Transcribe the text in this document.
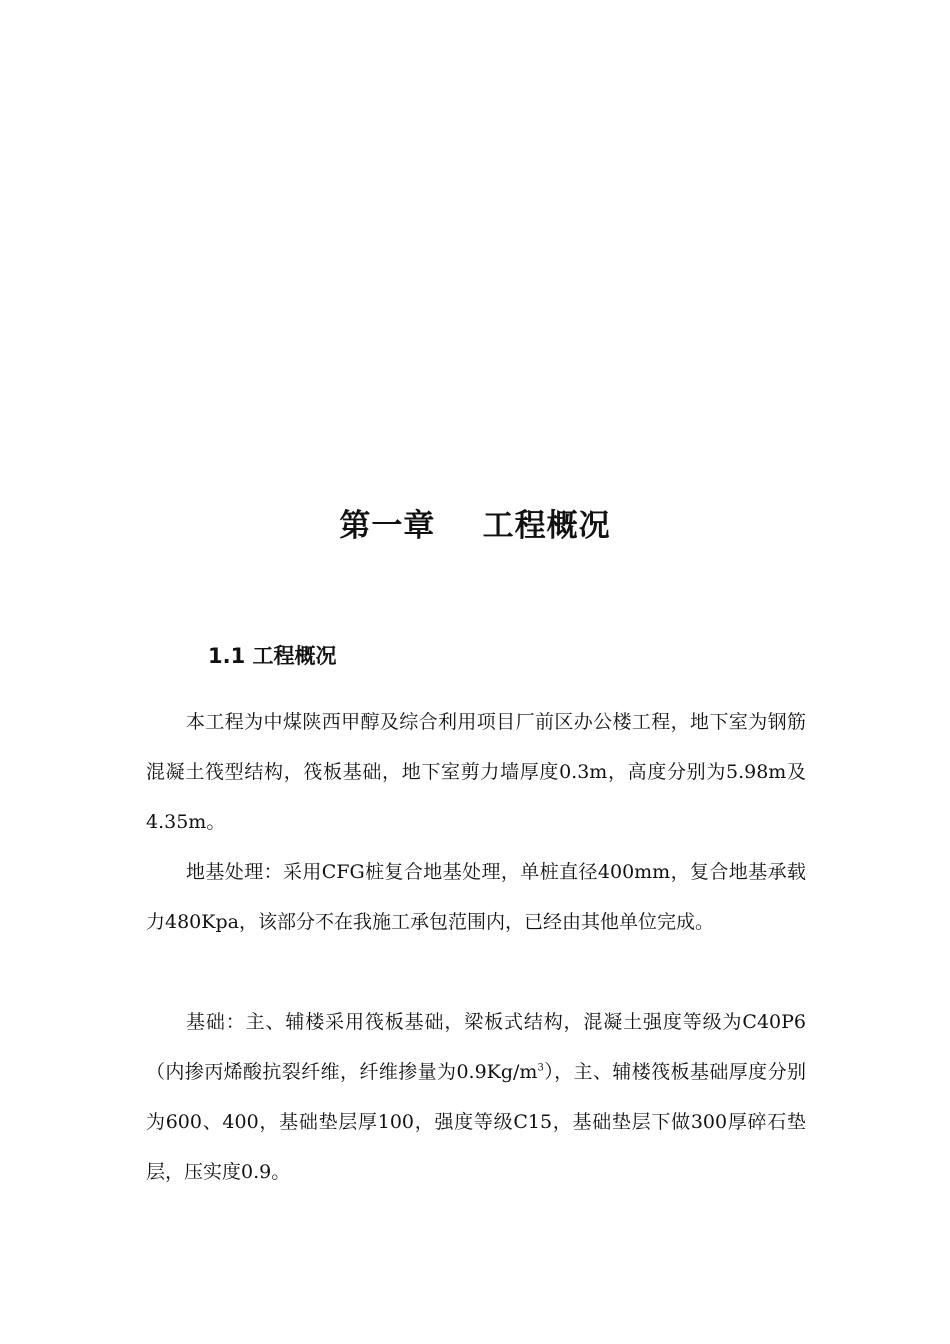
第一章    工程概况
1.1 工程概况

本工程为中煤陕西甲醇及综合利用项目厂前区办公楼工程，地下室为钢筋混凝土筏型结构，筏板基础，地下室剪力墙厚度0.3m，高度分别为5.98m及4.35m。

地基处理：采用CFG桩复合地基处理，单桩直径400mm，复合地基承载力480Kpa，该部分不在我施工承包范围内，已经由其他单位完成。

基础：主、辅楼采用筏板基础，梁板式结构，混凝土强度等级为C40P6（内掺丙烯酸抗裂纤维，纤维掺量为$0.9Kg/m^3$），主、辅楼筏板基础厚度分别为600、400，基础垫层厚100，强度等级C15，基础垫层下做300厚碎石垫层，压实度0.9。
